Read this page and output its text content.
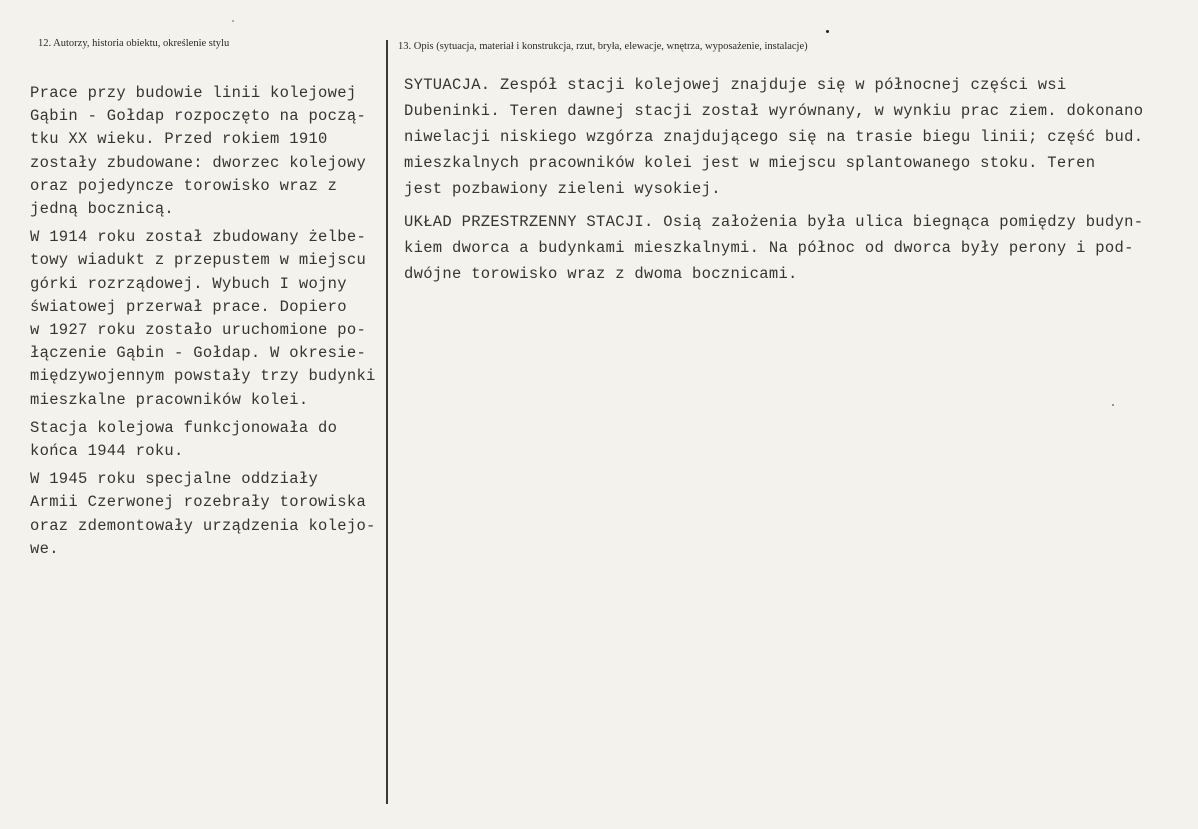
12. Autorzy, historia obiektu, określenie stylu	13. Opis (sytuacja, materiał i konstrukcja, rzut, bryła, elewacje, wnętrza, wyposażenie, instalacje)
Prace przy budowie linii kolejowej
Gąbin - Gołdap rozpoczęto na począ-
tku XX wieku. Przed rokiem 1910
zostały zbudowane: dworzec kolejowy
oraz pojedyncze torowisko wraz z
jedną bocznicą.
W 1914 roku został zbudowany żelbe-
towy wiadukt z przepustem w miejscu
górki rozrządowej. Wybuch I wojny
światowej przerwał prace. Dopiero
w 1927 roku zostało uruchomione po-
łączenie Gąbin - Gołdap. W okresie-
międzywojennym powstały trzy budynki
mieszkalne pracowników kolei.
Stacja kolejowa funkcjonowała do
końca 1944 roku.
W 1945 roku specjalne oddziały
Armii Czerwonej rozebrały torowiska
oraz zdemontowały urządzenia kolejo-
we.
SYTUACJA. Zespół stacji kolejowej znajduje się w północnej części wsi
Dubeninki. Teren dawnej stacji został wyrównany, w wynkiu prac ziem. dokonano
niwelacji niskiego wzgórza znajdującego się na trasie biegu linii; część bud.
mieszkalnych pracowników kolei jest w miejscu splantowanego stoku. Teren
jest pozbawiony zieleni wysokiej.
UKŁAD PRZESTRZENNY STACJI. Osią założenia była ulica biegnąca pomiędzy budyn-
kiem dworca a budynkami mieszkalnymi. Na północ od dworca były perony i pod-
dwójne torowisko wraz z dwoma bocznicami.
